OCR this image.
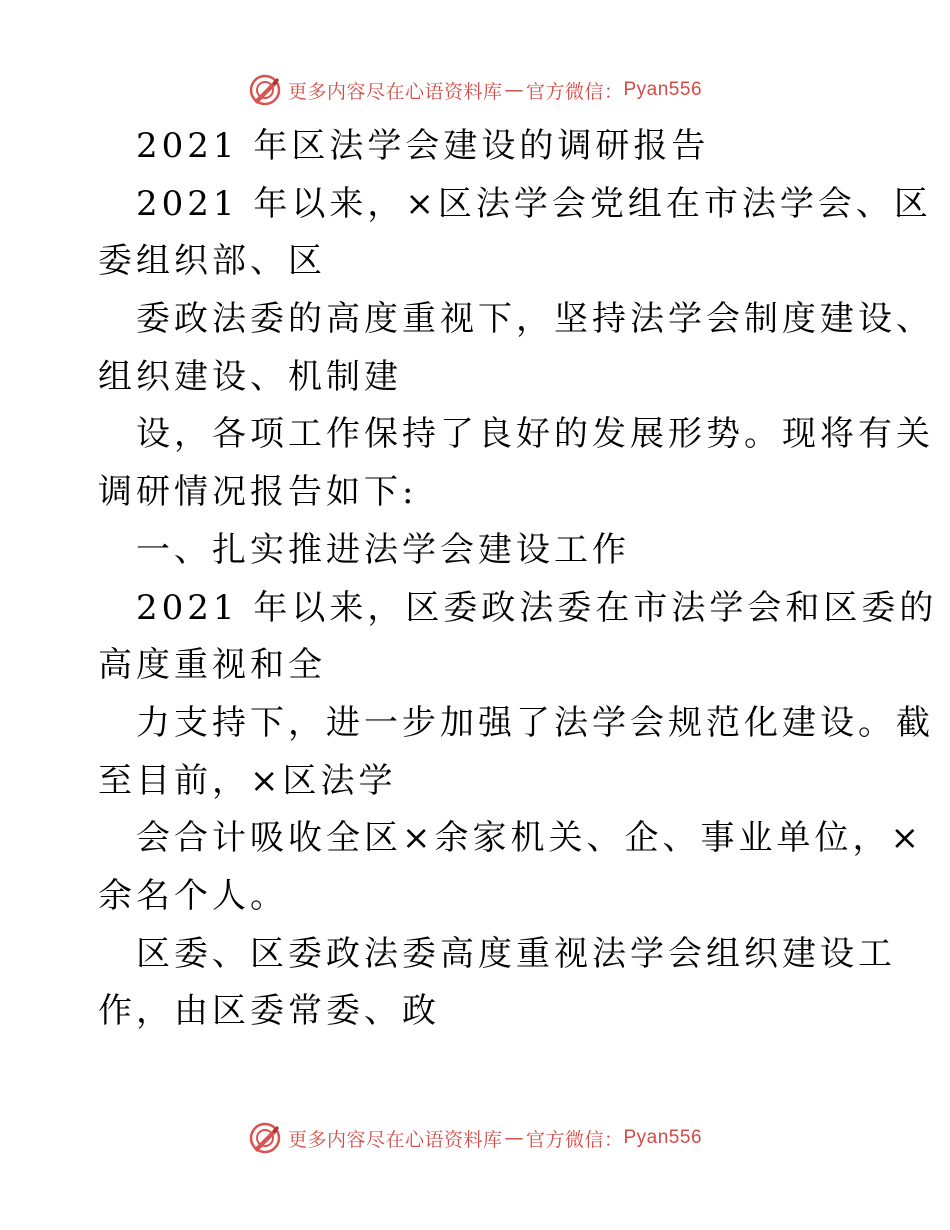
更多内容尽在心语资料库 — 官方微信： Pyan556
2021 年区法学会建设的调研报告
2021 年以来，×区法学会党组在市法学会、区
委组织部、区
委政法委的高度重视下，坚持法学会制度建设、
组织建设、机制建
设，各项工作保持了良好的发展形势。现将有关
调研情况报告如下:
一、扎实推进法学会建设工作
2021 年以来，区委政法委在市法学会和区委的
高度重视和全
力支持下，进一步加强了法学会规范化建设。截
至目前，×区法学
会合计吸收全区×余家机关、企、事业单位，×
余名个人。
区委、区委政法委高度重视法学会组织建设工
作，由区委常委、政
更多内容尽在心语资料库 — 官方微信： Pyan556
